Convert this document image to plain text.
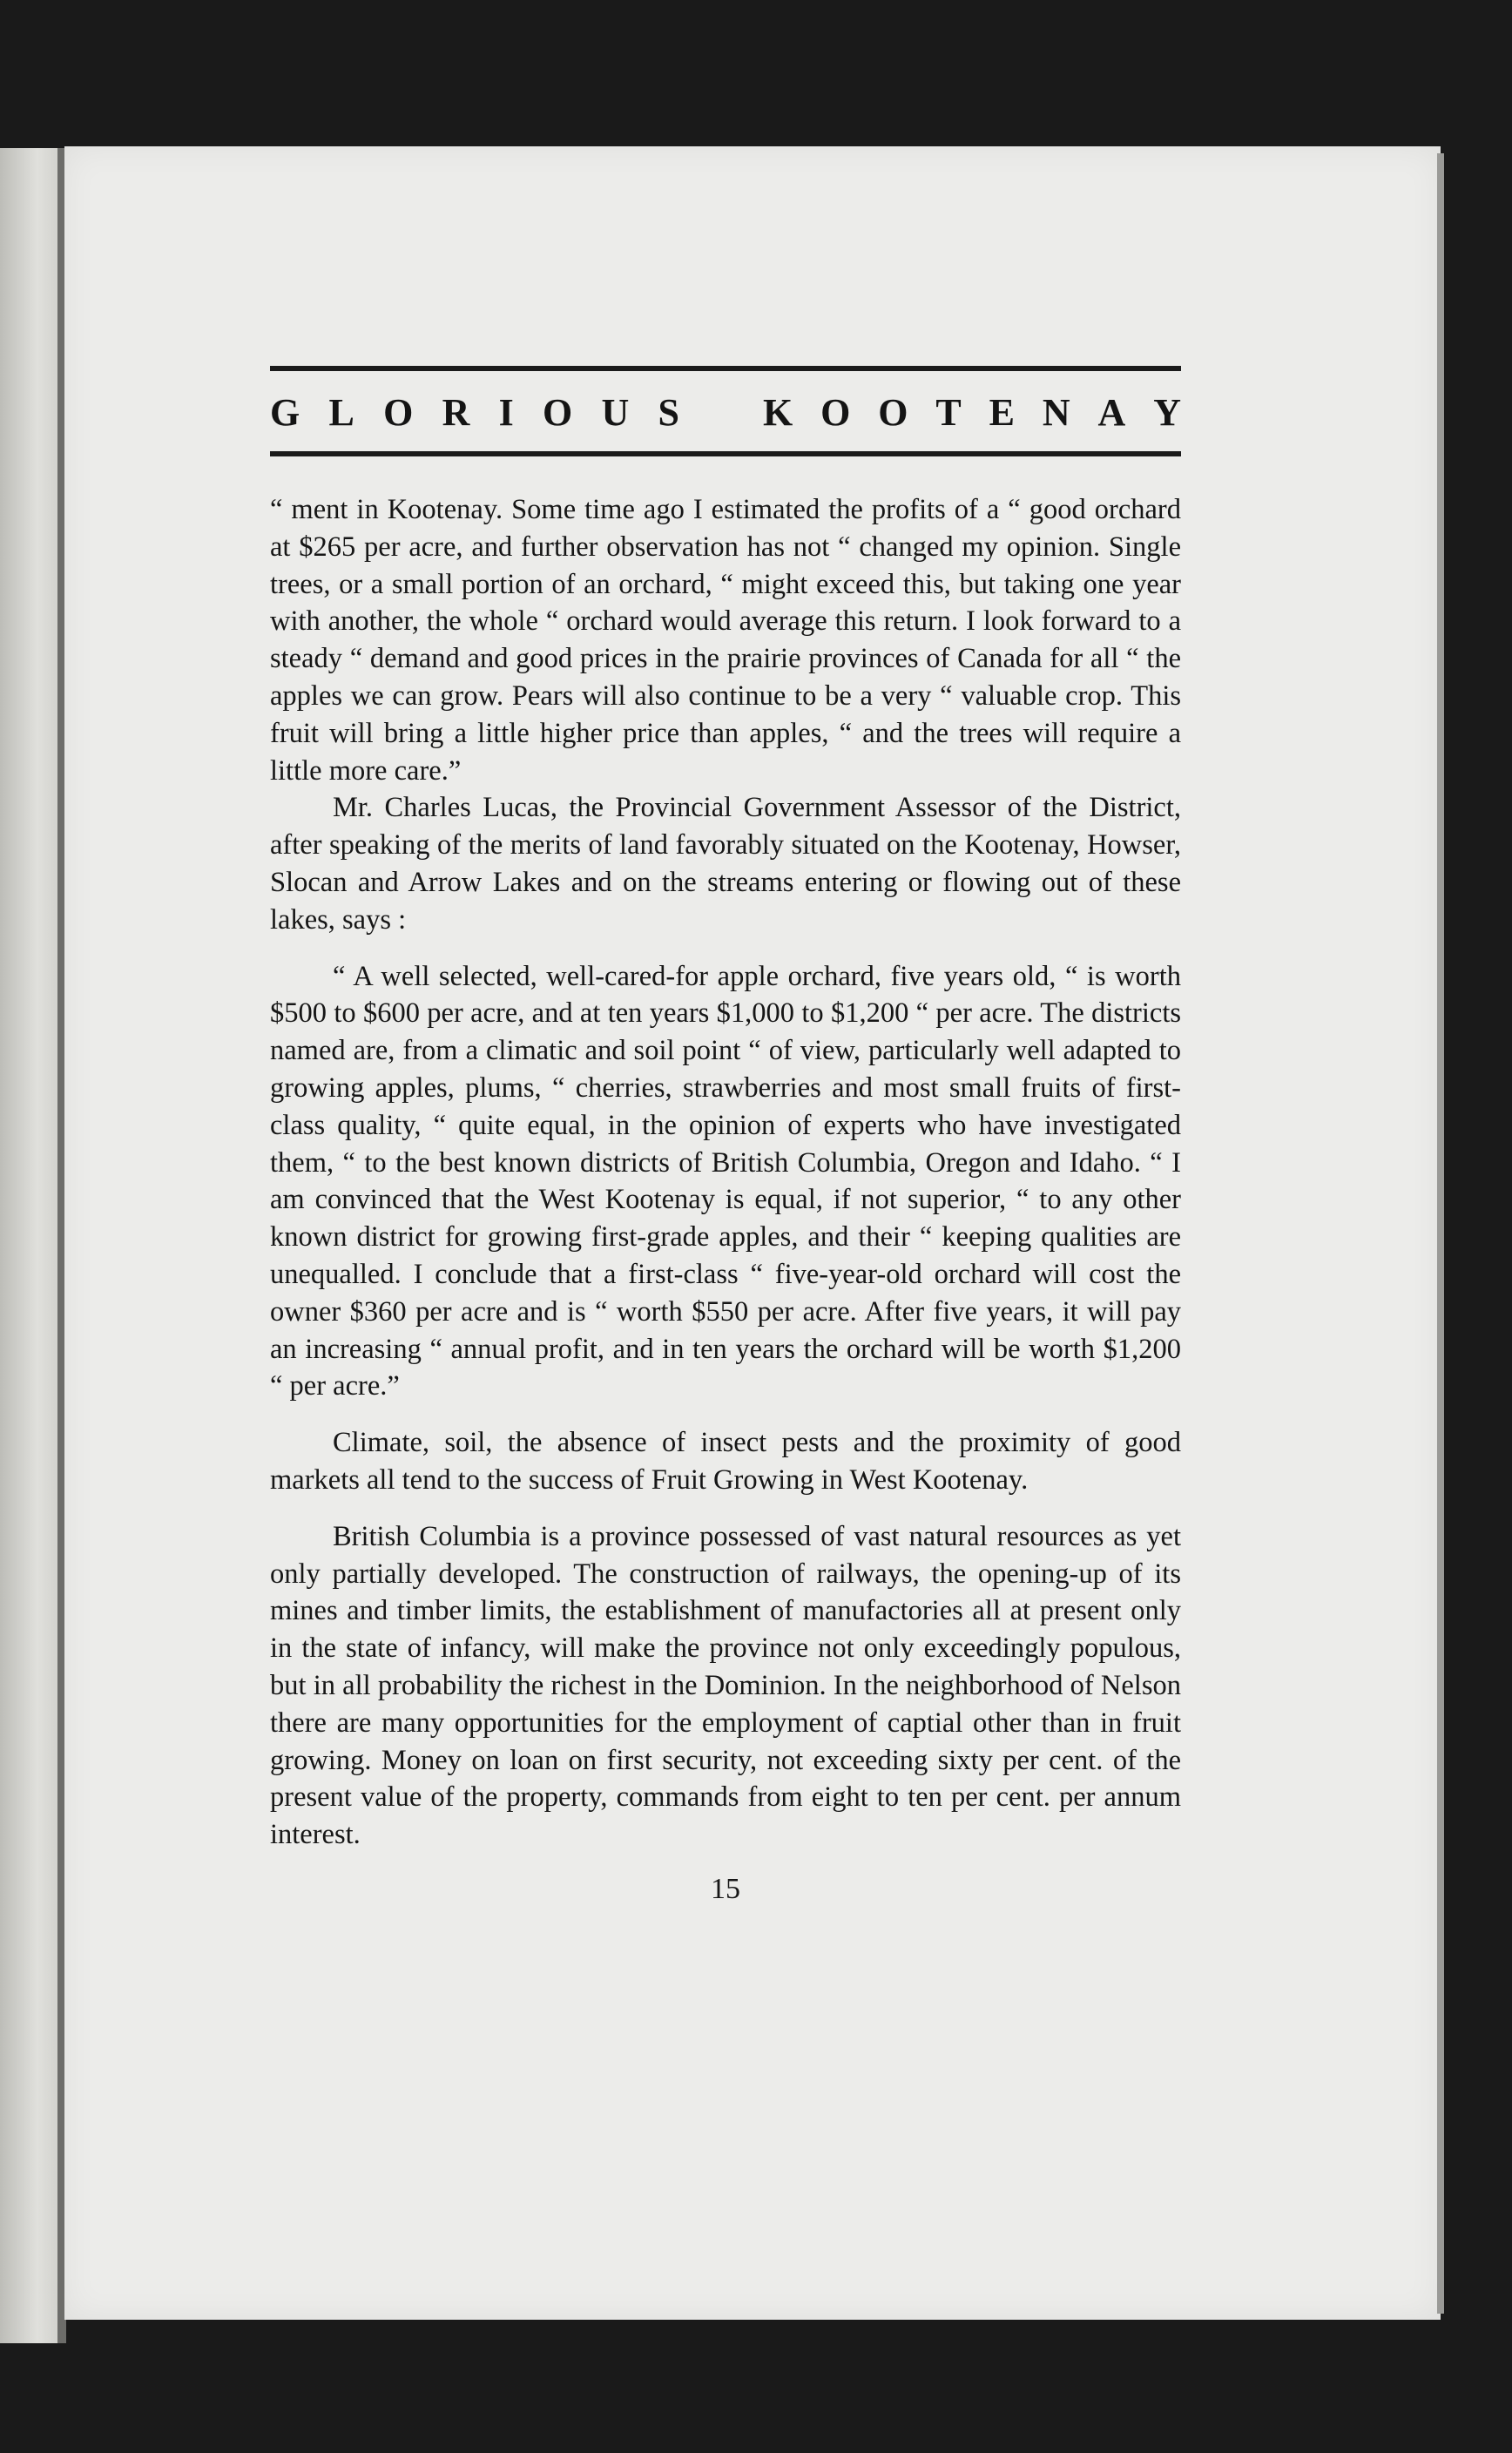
G L O R I O U S K O O T E N A Y

“ ment in Kootenay. Some time ago I estimated the profits of a “ good orchard at $265 per acre, and further observation has not “ changed my opinion. Single trees, or a small portion of an orchard, “ might exceed this, but taking one year with another, the whole “ orchard would average this return. I look forward to a steady “ demand and good prices in the prairie provinces of Canada for all “ the apples we can grow. Pears will also continue to be a very “ valuable crop. This fruit will bring a little higher price than apples, “ and the trees will require a little more care.”

Mr. Charles Lucas, the Provincial Government Assessor of the District, after speaking of the merits of land favorably situated on the Kootenay, Howser, Slocan and Arrow Lakes and on the streams entering or flowing out of these lakes, says :

“ A well selected, well-cared-for apple orchard, five years old, “ is worth $500 to $600 per acre, and at ten years $1,000 to $1,200 “ per acre. The districts named are, from a climatic and soil point “ of view, particularly well adapted to growing apples, plums, “ cherries, strawberries and most small fruits of first-class quality, “ quite equal, in the opinion of experts who have investigated them, “ to the best known districts of British Columbia, Oregon and Idaho. “ I am convinced that the West Kootenay is equal, if not superior, “ to any other known district for growing first-grade apples, and their “ keeping qualities are unequalled. I conclude that a first-class “ five-year-old orchard will cost the owner $360 per acre and is “ worth $550 per acre. After five years, it will pay an increasing “ annual profit, and in ten years the orchard will be worth $1,200 “ per acre.”

Climate, soil, the absence of insect pests and the proximity of good markets all tend to the success of Fruit Growing in West Kootenay.

British Columbia is a province possessed of vast natural resources as yet only partially developed. The construction of railways, the opening-up of its mines and timber limits, the establishment of manufactories all at present only in the state of infancy, will make the province not only exceedingly populous, but in all probability the richest in the Dominion. In the neighborhood of Nelson there are many opportunities for the employment of captial other than in fruit growing. Money on loan on first security, not exceeding sixty per cent. of the present value of the property, commands from eight to ten per cent. per annum interest.

15
